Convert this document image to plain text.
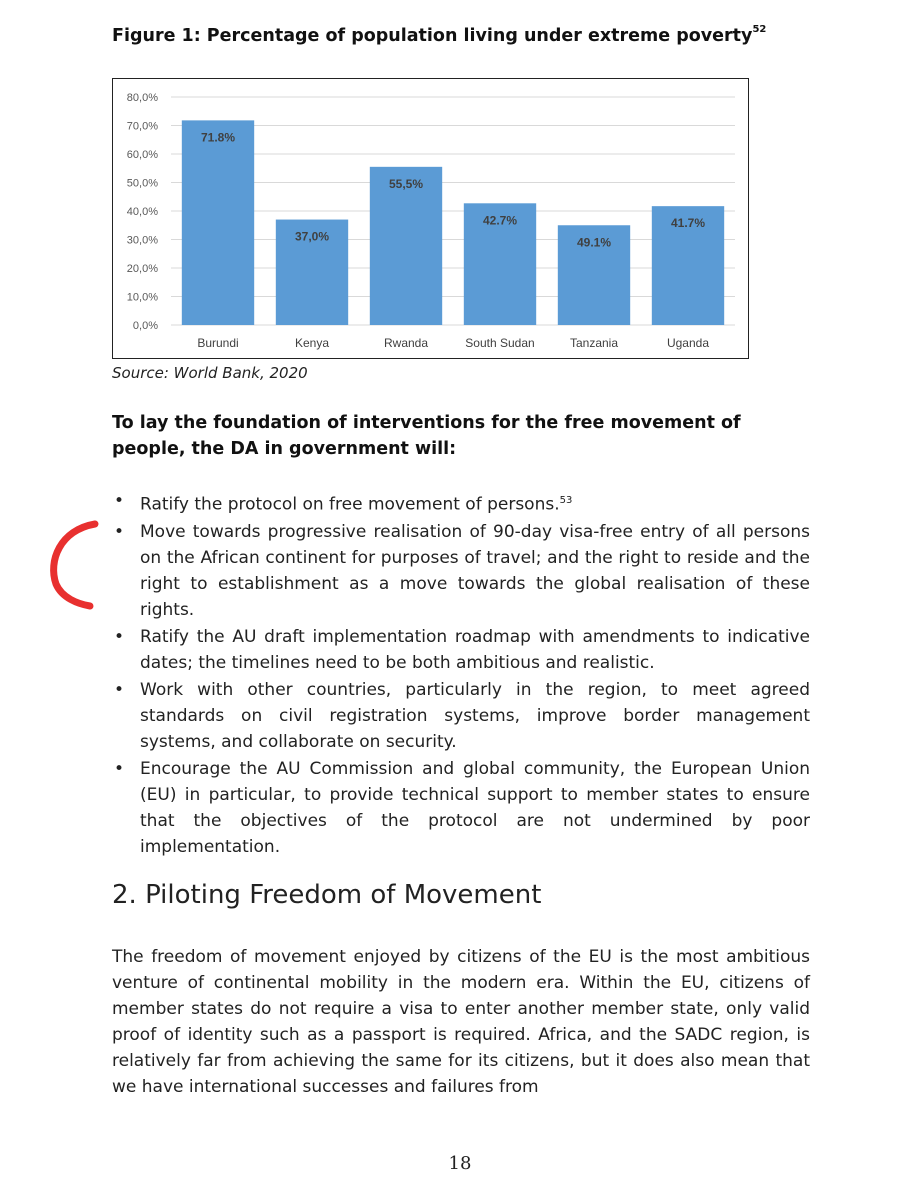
Figure 1: Percentage of population living under extreme poverty$^{52}$
0,0%
10,0%
20,0%
30,0%
40,0%
50,0%
60,0%
70,0%
80,0%
71.8%
Burundi
37,0%
Kenya
55,5%
Rwanda
42.7%
South Sudan
49.1%
Tanzania
41.7%
Uganda
Source: World Bank, 2020
To lay the foundation of interventions for the free movement of people, the DA in government will:
• Ratify the protocol on free movement of persons.$^{53}$
• Move towards progressive realisation of 90-day visa-free entry of all persons on the African continent for purposes of travel; and the right to reside and the right to establishment as a move towards the global realisation of these rights.
• Ratify the AU draft implementation roadmap with amendments to indicative dates; the timelines need to be both ambitious and realistic.
• Work with other countries, particularly in the region, to meet agreed standards on civil registration systems, improve border management systems, and collaborate on security.
• Encourage the AU Commission and global community, the European Union (EU) in particular, to provide technical support to member states to ensure that the objectives of the protocol are not undermined by poor implementation.
2. Piloting Freedom of Movement

The freedom of movement enjoyed by citizens of the EU is the most ambitious venture of continental mobility in the modern era. Within the EU, citizens of member states do not require a visa to enter another member state, only valid proof of identity such as a passport is required. Africa, and the SADC region, is relatively far from achieving the same for its citizens, but it does also mean that we have international successes and failures from

18
